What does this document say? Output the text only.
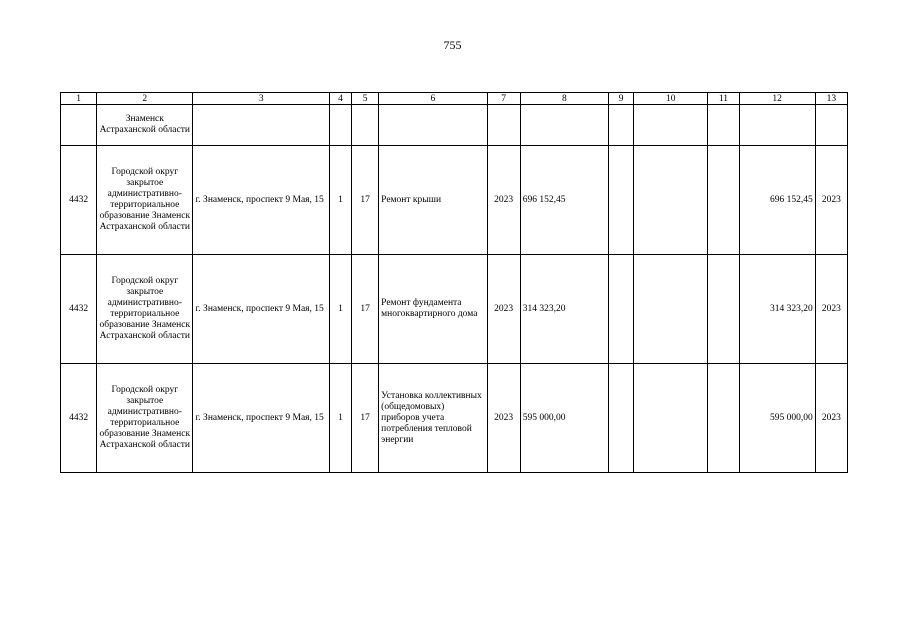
755
1	2	3	4	5	6	7	8	9	10	11	12	13
	Знаменск Астраханской области											
4432	Городской округ закрытое административно-территориальное образование Знаменск Астраханской области	г. Знаменск, проспект 9 Мая, 15	1	17	Ремонт крыши	2023	696 152,45				696 152,45	2023
4432	Городской округ закрытое административно-территориальное образование Знаменск Астраханской области	г. Знаменск, проспект 9 Мая, 15	1	17	Ремонт фундамента многоквартирного дома	2023	314 323,20				314 323,20	2023
4432	Городской округ закрытое административно-территориальное образование Знаменск Астраханской области	г. Знаменск, проспект 9 Мая, 15	1	17	Установка коллективных (общедомовых) приборов учета потребления тепловой энергии	2023	595 000,00				595 000,00	2023
